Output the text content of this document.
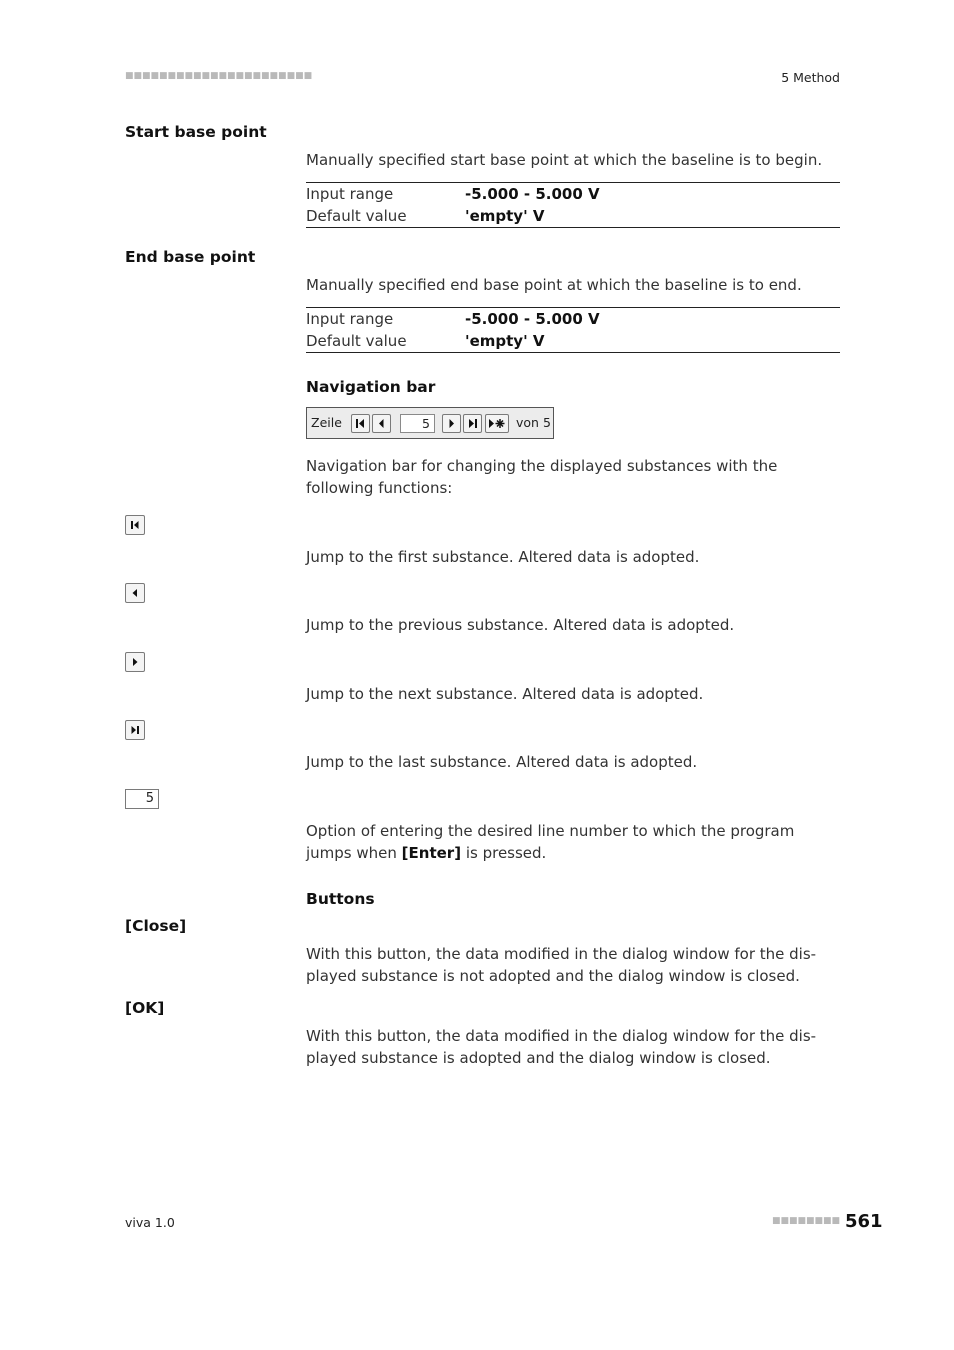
■■■■■■■■■■■■■■■■■■■■■■	5 Method
Start base point
Manually specified start base point at which the baseline is to begin.
Input range	-5.000 - 5.000 V
Default value	'empty' V
End base point
Manually specified end base point at which the baseline is to end.
Input range	-5.000 - 5.000 V
Default value	'empty' V
Navigation bar
Zeile	5	von 5
Navigation bar for changing the displayed substances with the following functions:
Jump to the first substance. Altered data is adopted.
Jump to the previous substance. Altered data is adopted.
Jump to the next substance. Altered data is adopted.
Jump to the last substance. Altered data is adopted.
5
Option of entering the desired line number to which the program jumps when [Enter] is pressed.
Buttons
[Close]
With this button, the data modified in the dialog window for the dis-played substance is not adopted and the dialog window is closed.
[OK]
With this button, the data modified in the dialog window for the dis-played substance is adopted and the dialog window is closed.
viva 1.0	■■■■■■■■ 561
